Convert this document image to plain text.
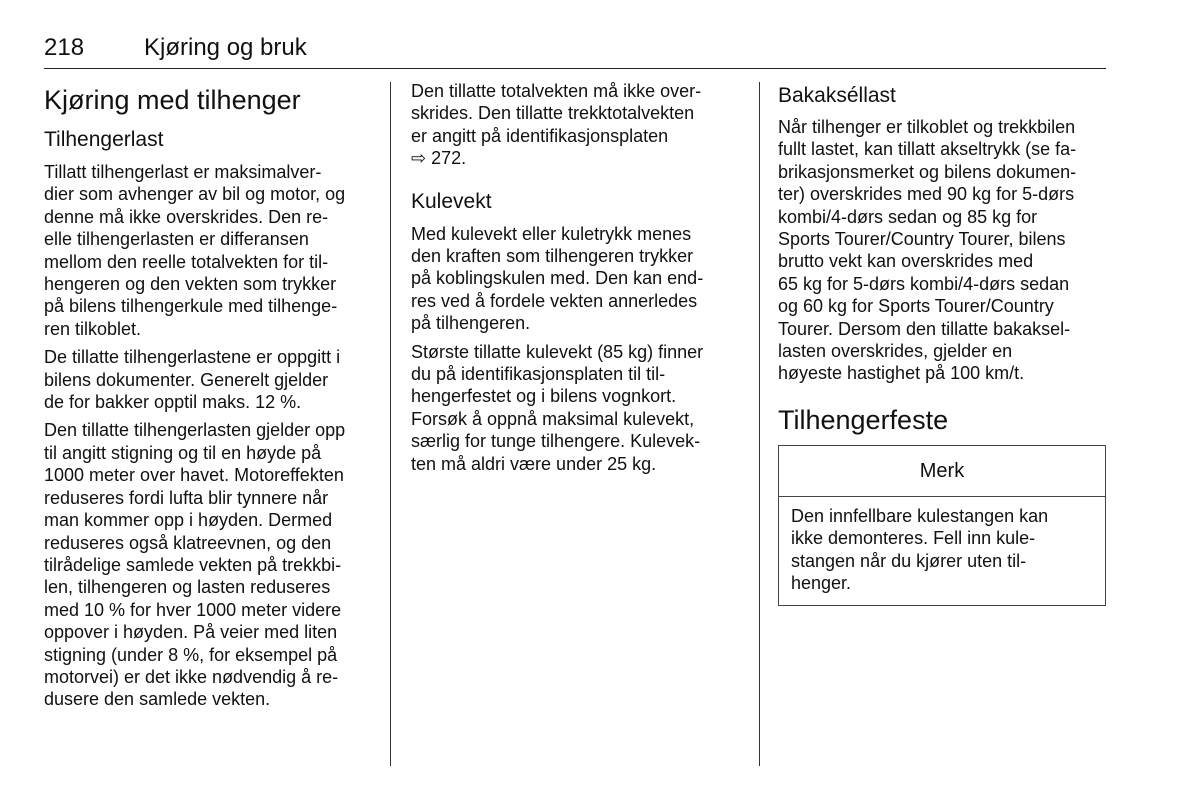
218 Kjøring og bruk
Kjøring med tilhenger
Tilhengerlast

Tillatt tilhengerlast er maksimalver-
dier som avhenger av bil og motor, og
denne må ikke overskrides. Den re-
elle tilhengerlasten er differansen
mellom den reelle totalvekten for til-
hengeren og den vekten som trykker
på bilens tilhengerkule med tilhenge-
ren tilkoblet.

De tillatte tilhengerlastene er oppgitt i
bilens dokumenter. Generelt gjelder
de for bakker opptil maks. 12 %.

Den tillatte tilhengerlasten gjelder opp
til angitt stigning og til en høyde på
1000 meter over havet. Motoreffekten
reduseres fordi lufta blir tynnere når
man kommer opp i høyden. Dermed
reduseres også klatreevnen, og den
tilrådelige samlede vekten på trekkbi-
len, tilhengeren og lasten reduseres
med 10 % for hver 1000 meter videre
oppover i høyden. På veier med liten
stigning (under 8 %, for eksempel på
motorvei) er det ikke nødvendig å re-
dusere den samlede vekten.

Den tillatte totalvekten må ikke over-
skrides. Den tillatte trekktotalvekten
er angitt på identifikasjonsplaten
⇨ 272.

Kulevekt

Med kulevekt eller kuletrykk menes
den kraften som tilhengeren trykker
på koblingskulen med. Den kan end-
res ved å fordele vekten annerledes
på tilhengeren.

Største tillatte kulevekt (85 kg) finner
du på identifikasjonsplaten til til-
hengerfestet og i bilens vognkort.
Forsøk å oppnå maksimal kulevekt,
særlig for tunge tilhengere. Kulevek-
ten må aldri være under 25 kg.

Bakakséllast

Når tilhenger er tilkoblet og trekkbilen
fullt lastet, kan tillatt akseltrykk (se fa-
brikasjonsmerket og bilens dokumen-
ter) overskrides med 90 kg for 5-dørs
kombi/4-dørs sedan og 85 kg for
Sports Tourer/Country Tourer, bilens
brutto vekt kan overskrides med
65 kg for 5-dørs kombi/4-dørs sedan
og 60 kg for Sports Tourer/Country
Tourer. Dersom den tillatte bakaksel-
lasten overskrides, gjelder en
høyeste hastighet på 100 km/t.

Tilhengerfeste
Merk
Den innfellbare kulestangen kan
ikke demonteres. Fell inn kule-
stangen når du kjører uten til-
henger.
